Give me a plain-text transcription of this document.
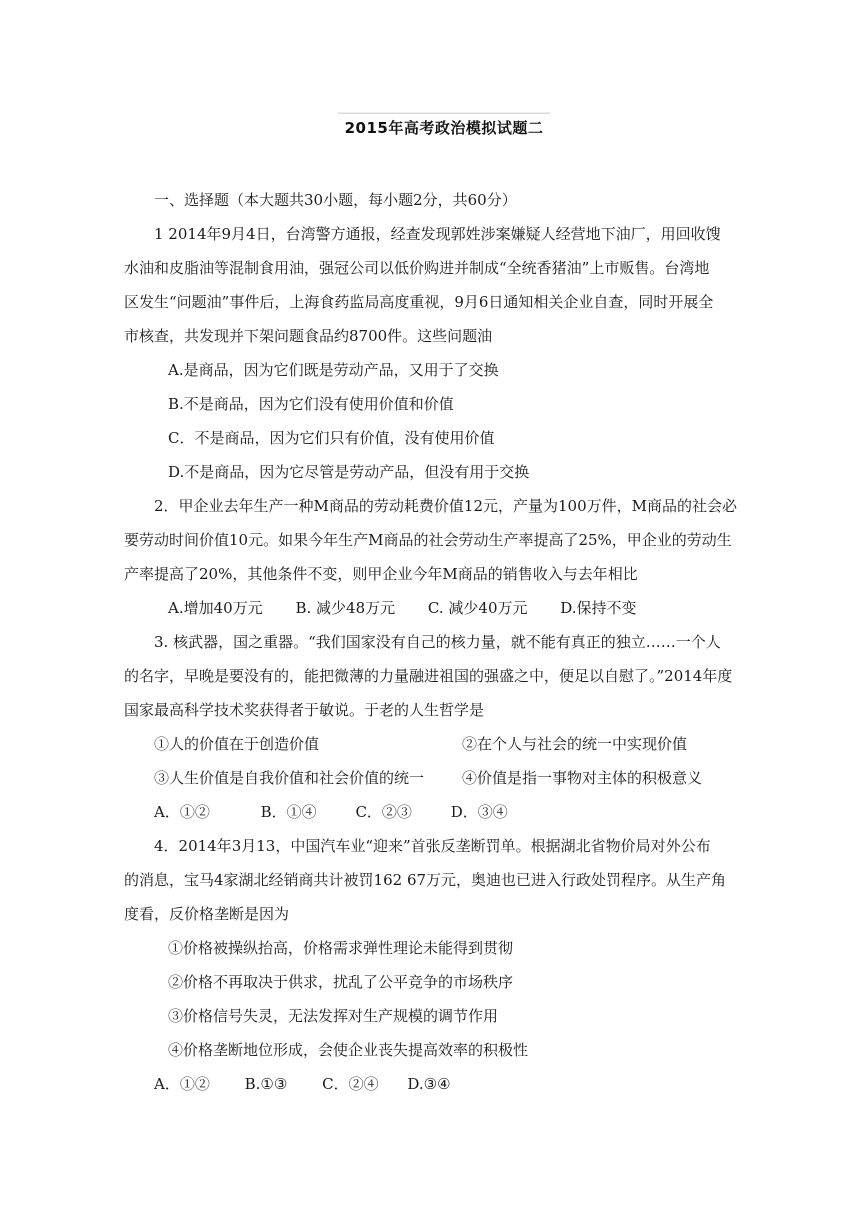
2015年高考政治模拟试题二
一、选择题（本大题共30小题，每小题2分，共60分）
1 2014年9月4日，台湾警方通报，经查发现郭姓涉案嫌疑人经营地下油厂，用回收馊
水油和皮脂油等混制食用油，强冠公司以低价购进并制成“全统香猪油”上市贩售。台湾地
区发生“问题油”事件后，上海食药监局高度重视，9月6日通知相关企业自查，同时开展全
市核查，共发现并下架问题食品约8700件。这些问题油
A.是商品，因为它们既是劳动产品，又用于了交换
B.不是商品，因为它们没有使用价值和价值
C．不是商品，因为它们只有价值，没有使用价值
D.不是商品，因为它尽管是劳动产品，但没有用于交换
2．甲企业去年生产一种M商品的劳动耗费价值12元，产量为100万件，M商品的社会必
要劳动时间价值10元。如果今年生产M商品的社会劳动生产率提高了25%，甲企业的劳动生
产率提高了20%，其他条件不变，则甲企业今年M商品的销售收入与去年相比
A.增加40万元 B. 减少48万元 C. 减少40万元 D.保持不变
3. 核武器，国之重器。“我们国家没有自己的核力量，就不能有真正的独立……一个人
的名字，早晚是要没有的，能把微薄的力量融进祖国的强盛之中，便足以自慰了。”2014年度
国家最高科学技术奖获得者于敏说。于老的人生哲学是
①人的价值在于创造价值	②在个人与社会的统一中实现价值
③人生价值是自我价值和社会价值的统一	④价值是指一事物对主体的积极意义
A．①②	B．①④	C．②③	D．③④
4．2014年3月13，中国汽车业“迎来”首张反垄断罚单。根据湖北省物价局对外公布
的消息，宝马4家湖北经销商共计被罚162 67万元，奥迪也已进入行政处罚程序。从生产角
度看，反价格垄断是因为
①价格被操纵抬高，价格需求弹性理论未能得到贯彻
②价格不再取决于供求，扰乱了公平竞争的市场秩序
③价格信号失灵，无法发挥对生产规模的调节作用
④价格垄断地位形成，会使企业丧失提高效率的积极性
A．①② B.①③ C．②④ D.③④
